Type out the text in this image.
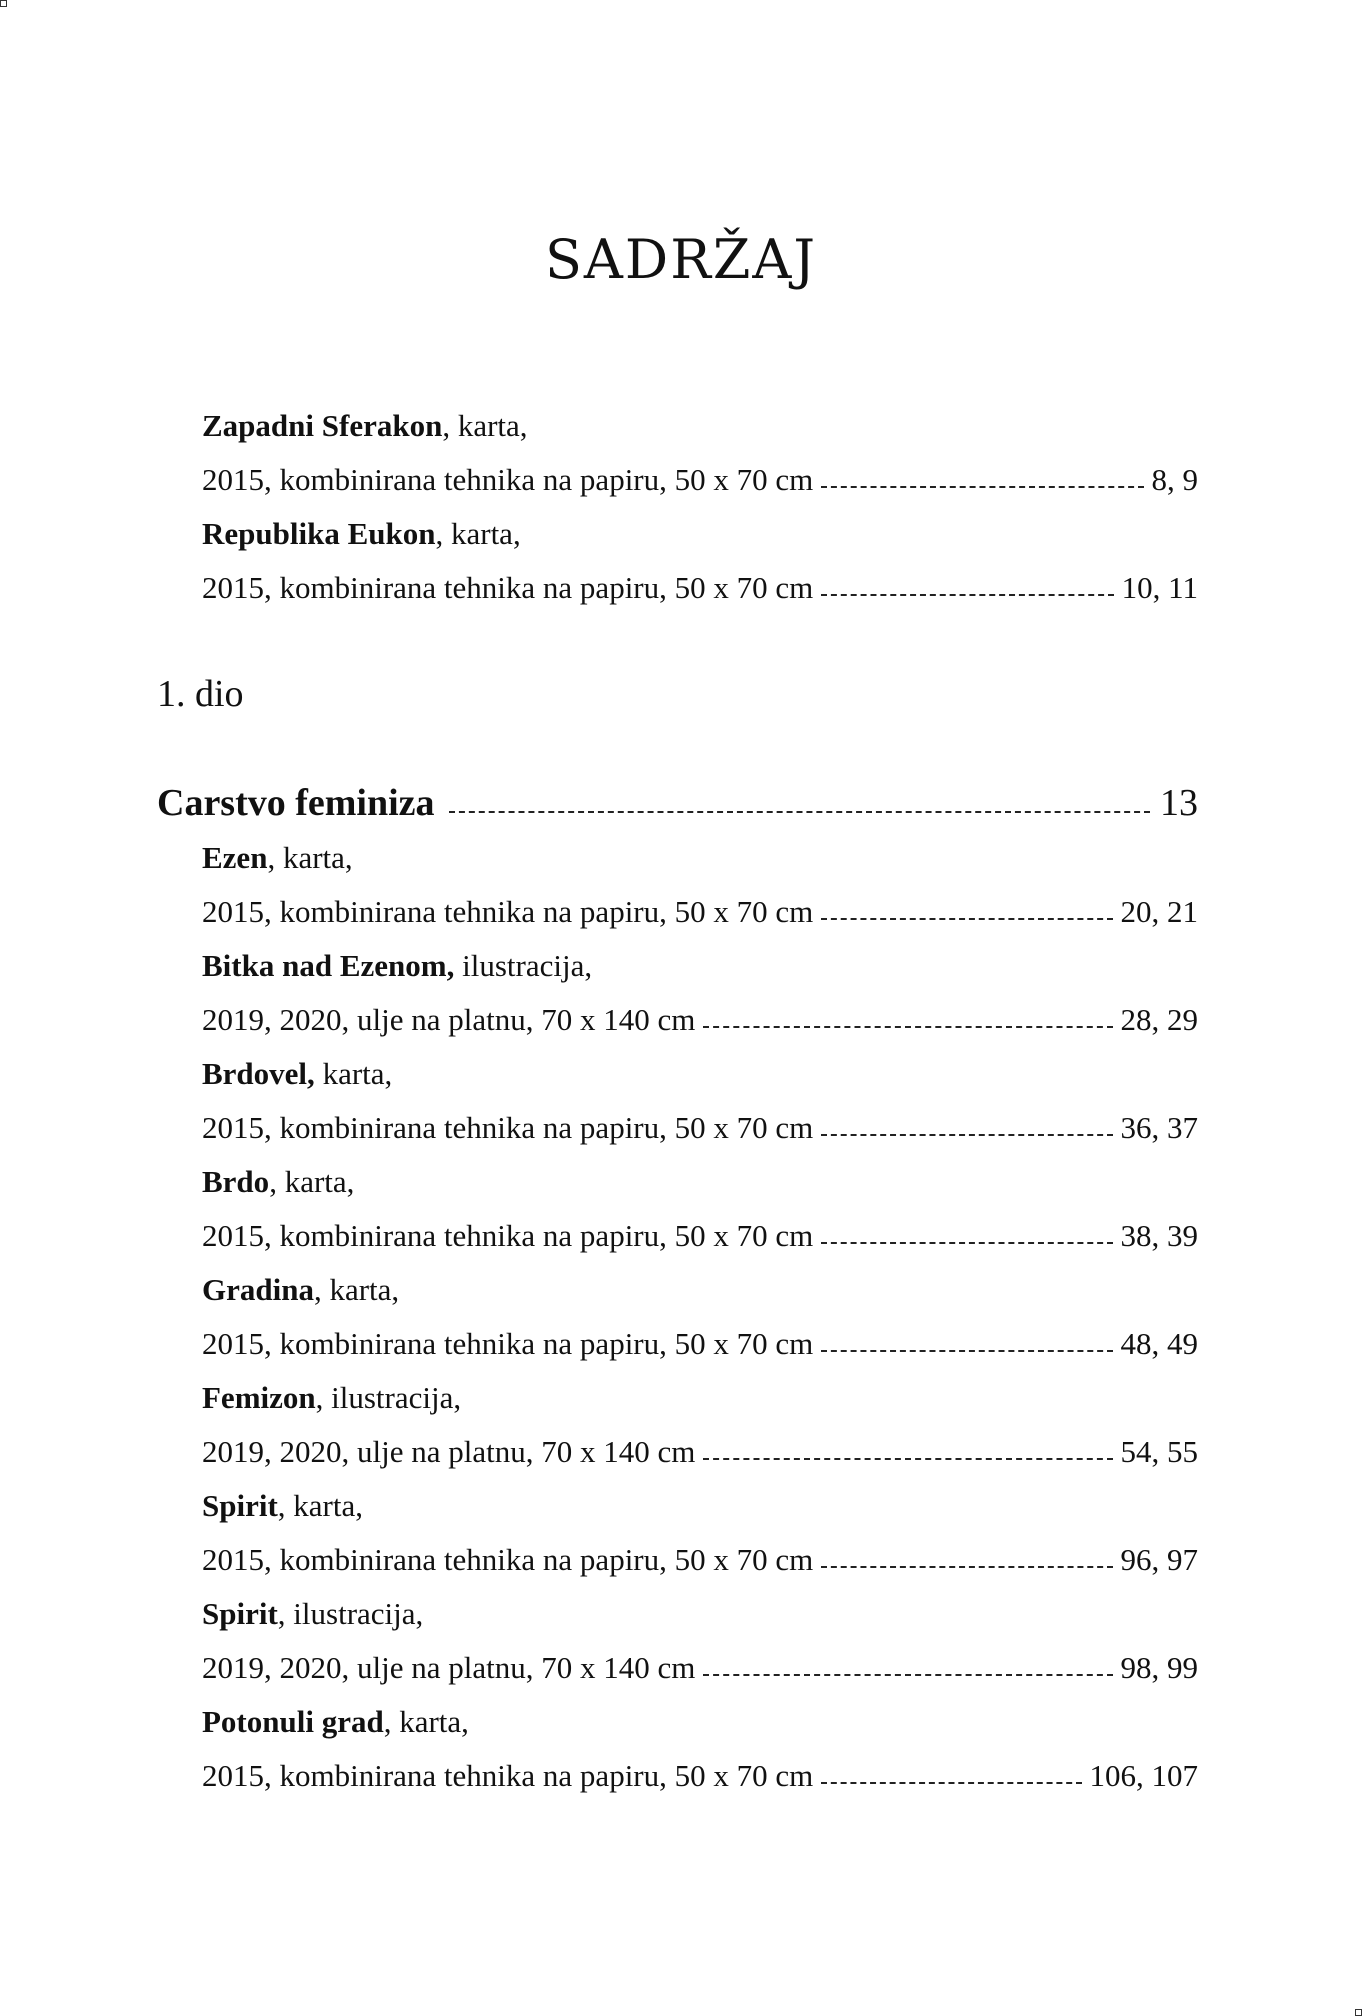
SADRŽAJ
Zapadni Sferakon, karta,
2015, kombinirana tehnika na papiru, 50 x 70 cm	8, 9
Republika Eukon, karta,
2015, kombinirana tehnika na papiru, 50 x 70 cm	10, 11
1. dio
Carstvo feminiza	13
Ezen, karta,
2015, kombinirana tehnika na papiru, 50 x 70 cm	20, 21
Bitka nad Ezenom, ilustracija,
2019, 2020, ulje na platnu, 70 x 140 cm	28, 29
Brdovel, karta,
2015, kombinirana tehnika na papiru, 50 x 70 cm	36, 37
Brdo, karta,
2015, kombinirana tehnika na papiru, 50 x 70 cm	38, 39
Gradina, karta,
2015, kombinirana tehnika na papiru, 50 x 70 cm	48, 49
Femizon, ilustracija,
2019, 2020, ulje na platnu, 70 x 140 cm	54, 55
Spirit, karta,
2015, kombinirana tehnika na papiru, 50 x 70 cm	96, 97
Spirit, ilustracija,
2019, 2020, ulje na platnu, 70 x 140 cm	98, 99
Potonuli grad, karta,
2015, kombinirana tehnika na papiru, 50 x 70 cm	106, 107
